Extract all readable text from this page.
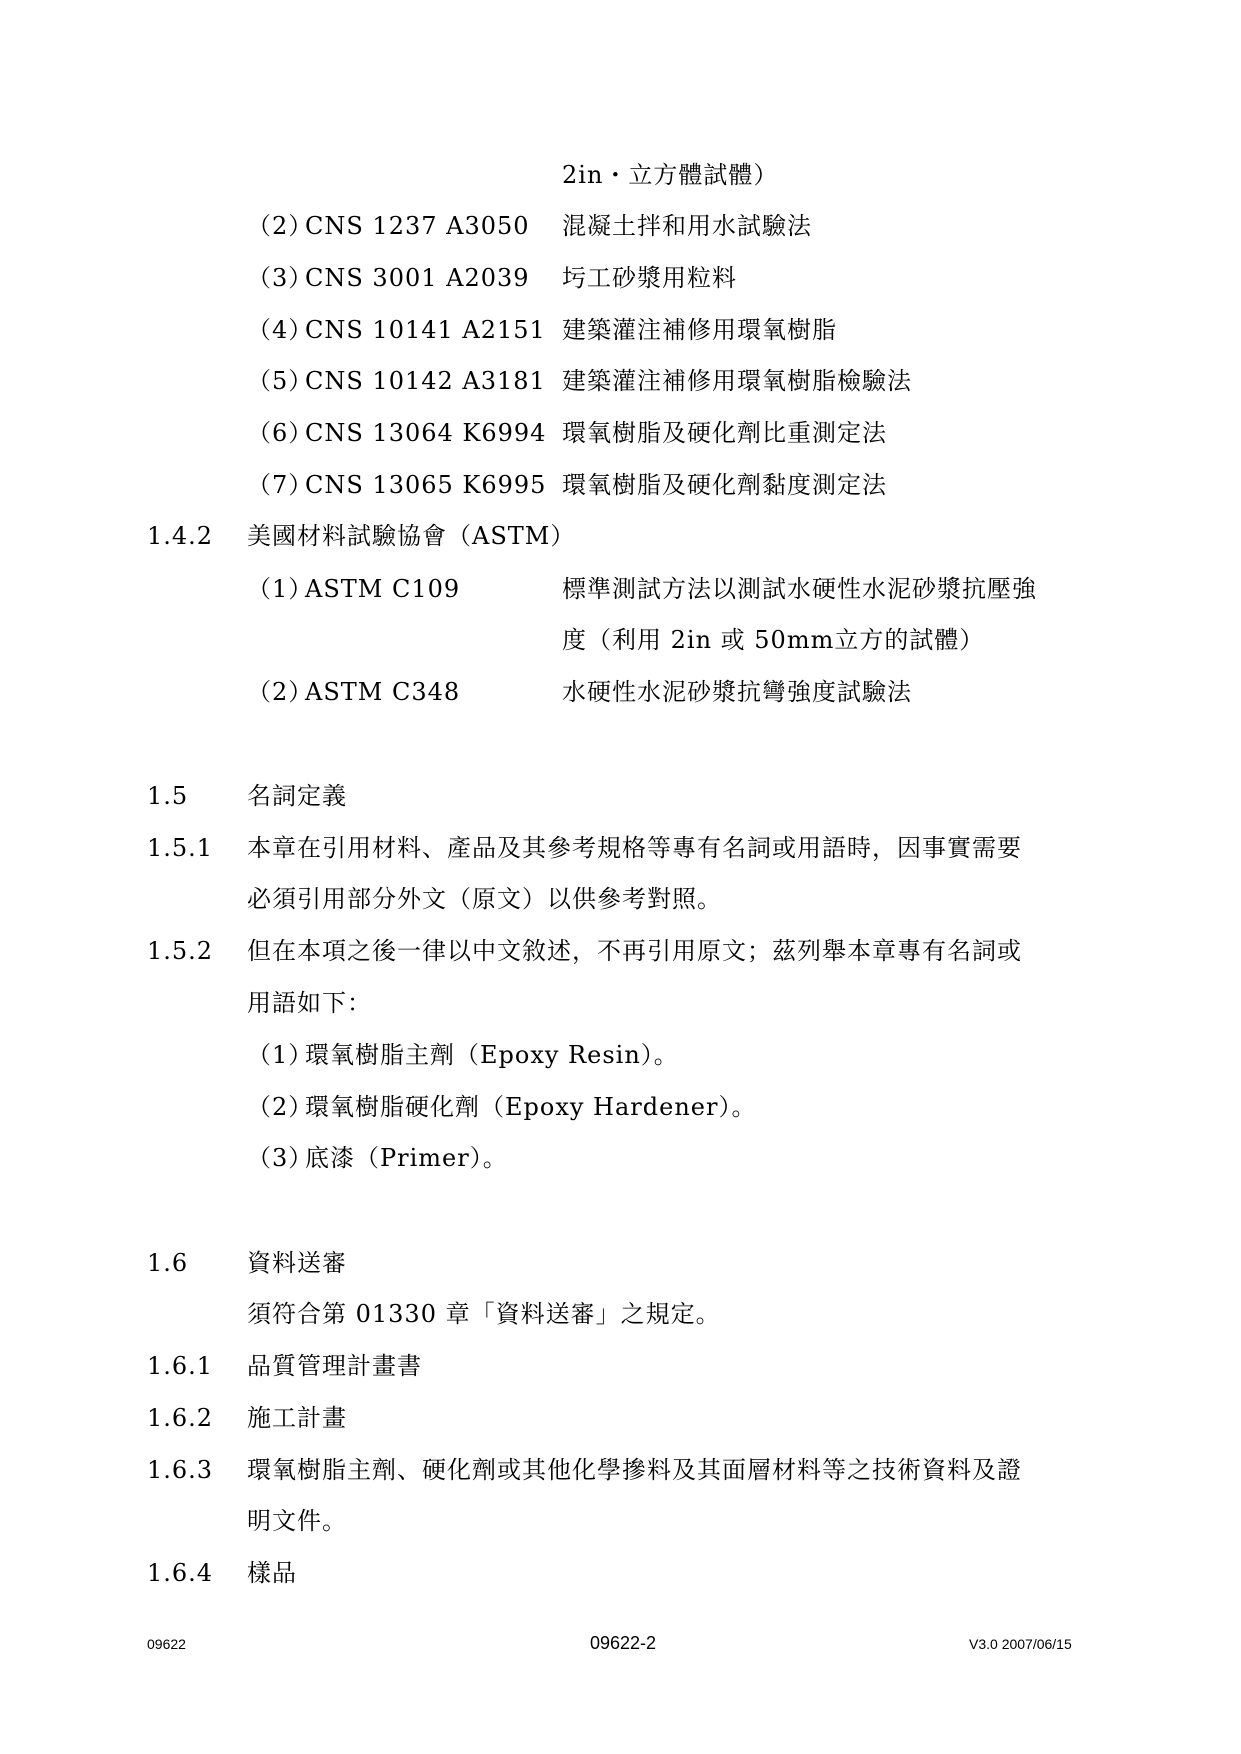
2in・立方體試體）
（2）
CNS 1237 A3050 混凝土拌和用水試驗法
（3）
CNS 3001 A2039 圬工砂漿用粒料
（4）
CNS 10141 A2151 建築灌注補修用環氧樹脂
（5）
CNS 10142 A3181 建築灌注補修用環氧樹脂檢驗法
（6）
CNS 13064 K6994 環氧樹脂及硬化劑比重測定法
（7）
CNS 13065 K6995 環氧樹脂及硬化劑黏度測定法
1.4.2 美國材料試驗協會（ASTM）
（1）
ASTM C109	標準測試方法以測試水硬性水泥砂漿抗壓強
度（利用 2in 或 50mm立方的試體）
（2）
ASTM C348	水硬性水泥砂漿抗彎強度試驗法
1.5 名詞定義
1.5.1 本章在引用材料、產品及其參考規格等專有名詞或用語時，因事實需要
必須引用部分外文（原文）以供參考對照。
1.5.2 但在本項之後一律以中文敘述，不再引用原文；茲列舉本章專有名詞或
用語如下：
（1）
環氧樹脂主劑（Epoxy Resin）。
（2）
環氧樹脂硬化劑（Epoxy Hardener）。
（3）
底漆（Primer）。
1.6 資料送審
須符合第 01330 章「資料送審」之規定。
1.6.1 品質管理計畫書
1.6.2 施工計畫
1.6.3 環氧樹脂主劑、硬化劑或其他化學摻料及其面層材料等之技術資料及證
明文件。
1.6.4 樣品
09622	09622-2	V3.0 2007/06/15
